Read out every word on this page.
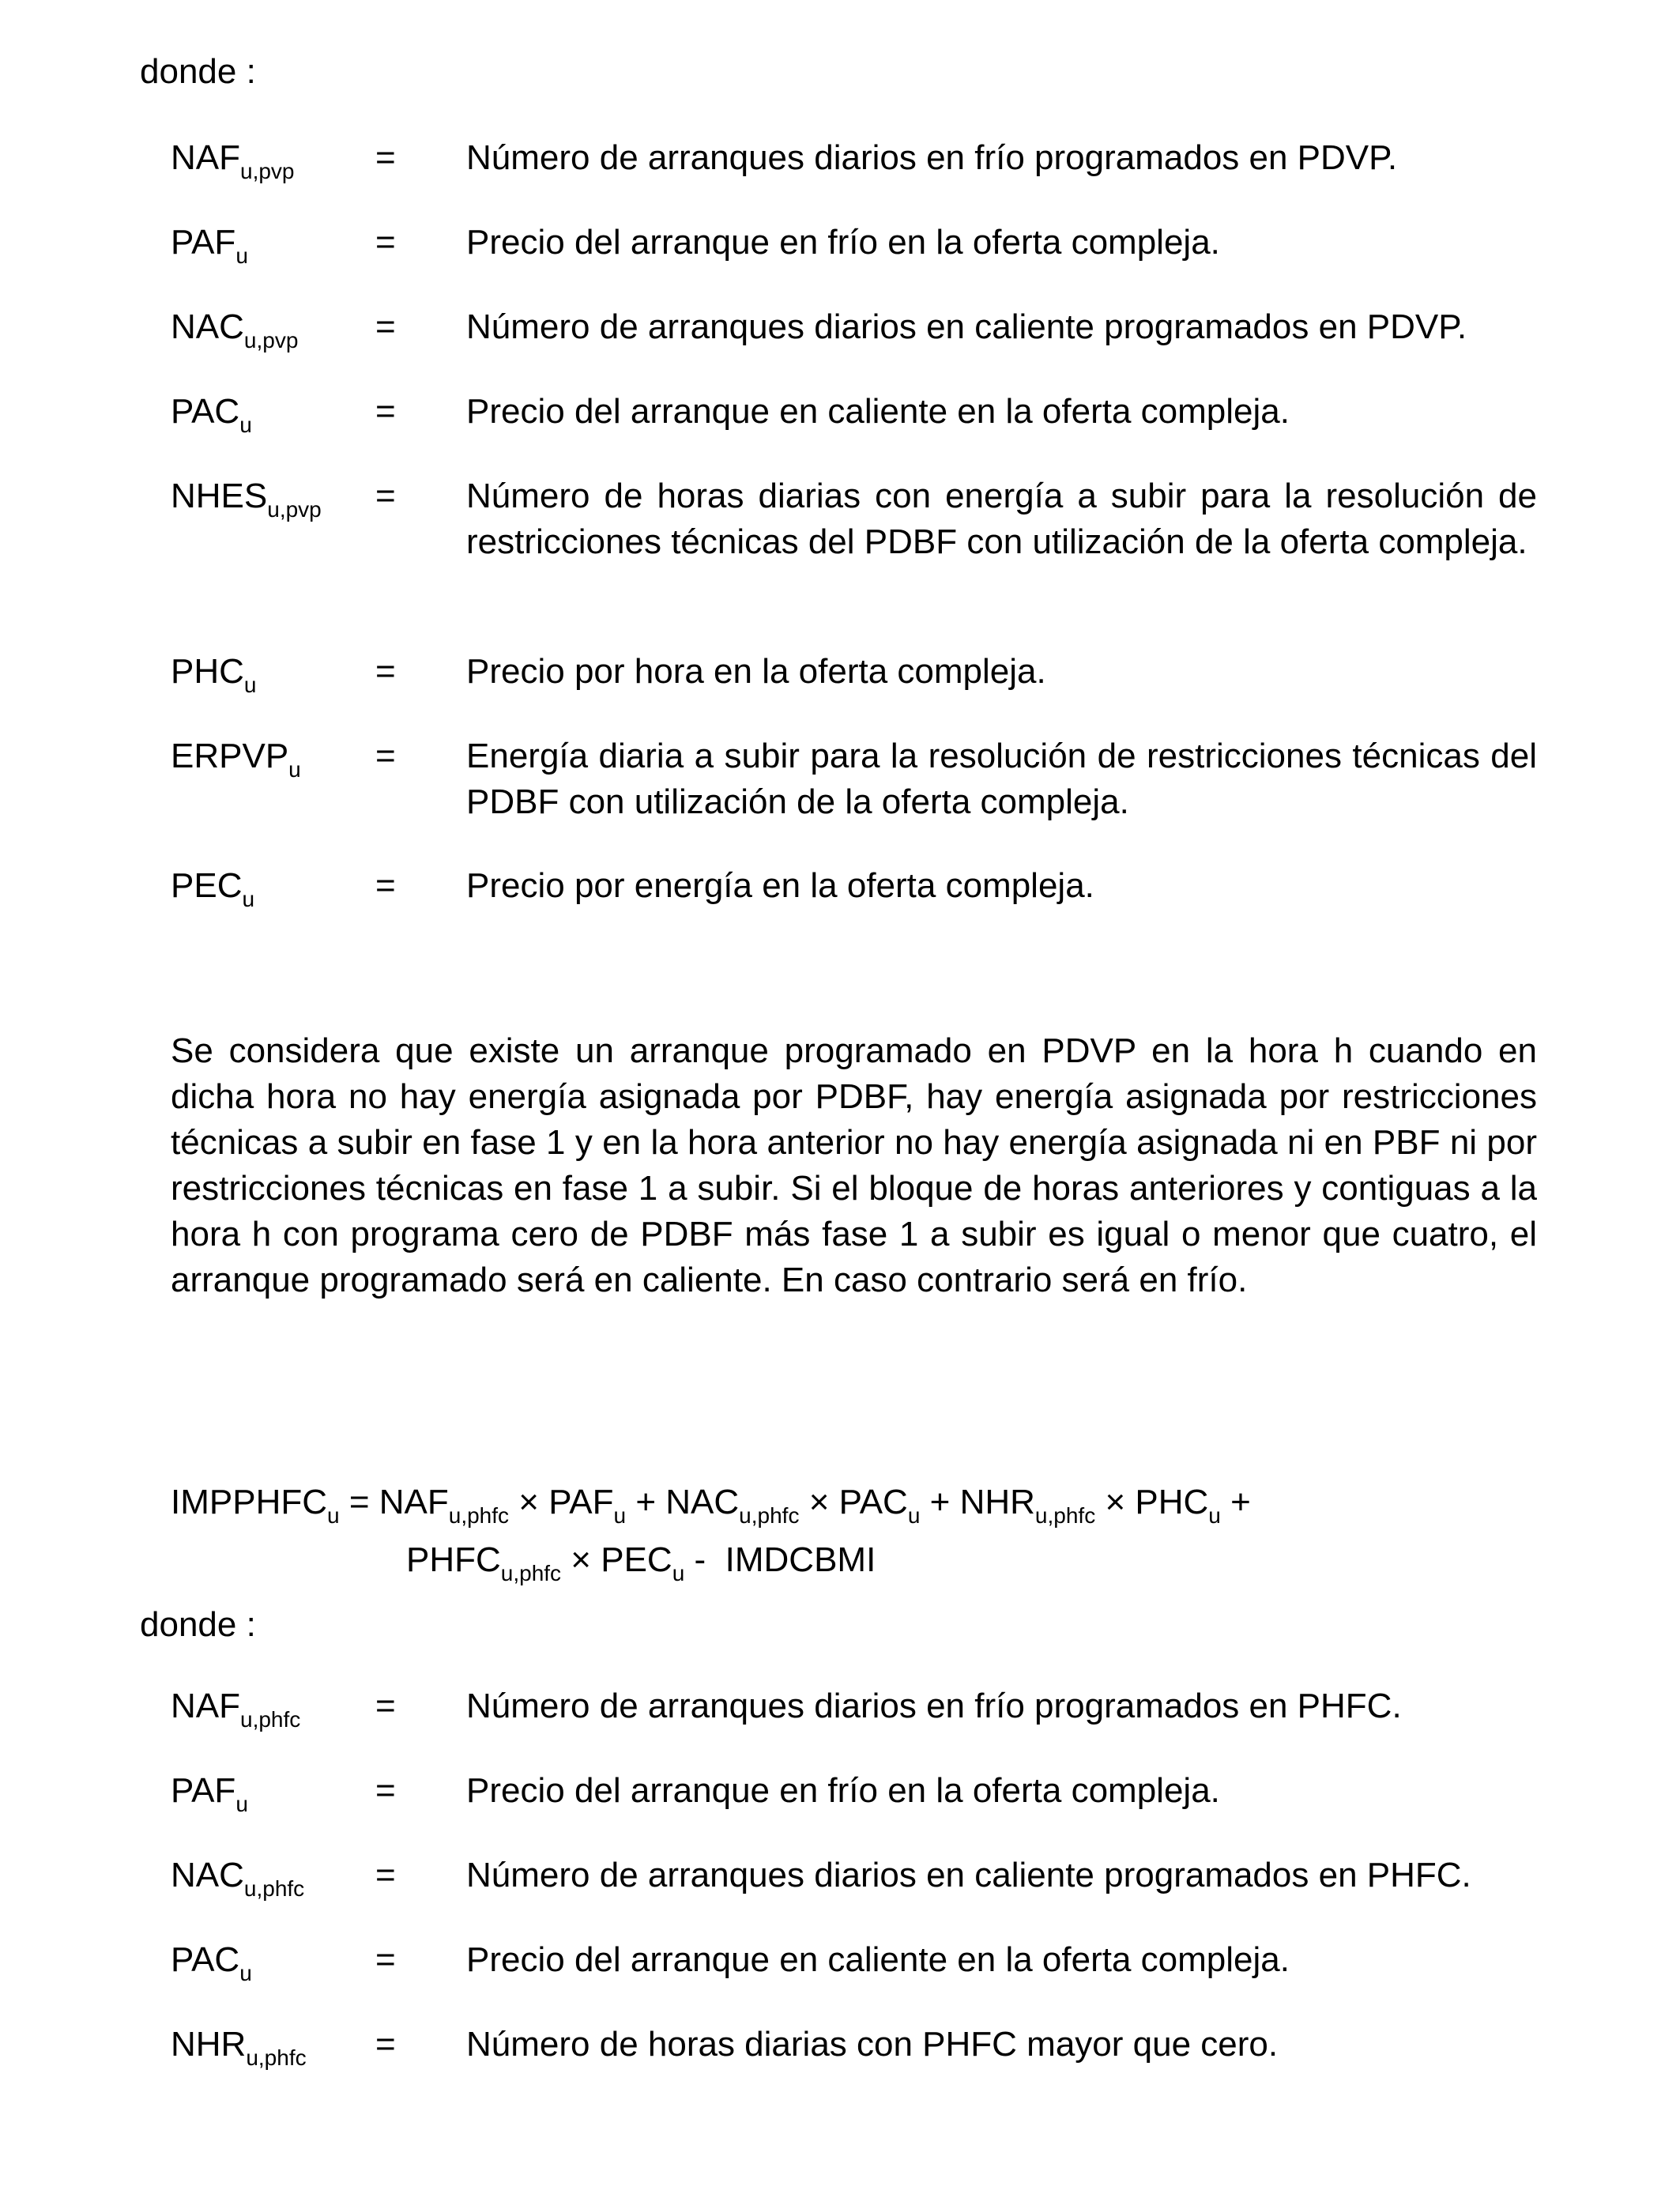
donde :
$NAF_{u,pvp}$ = Número de arranques diarios en frío programados en PDVP.
$PAF_u$	= Precio del arranque en frío en la oferta compleja.
$NAC_{u,pvp}$ = Número de arranques diarios en caliente programados en PDVP.
$PAC_u$	= Precio del arranque en caliente en la oferta compleja.
$NHES_{u,pvp}$ = Número de horas diarias con energía a subir para la resolución de restricciones técnicas del PDBF con utilización de la oferta compleja.
$PHC_u$	= Precio por hora en la oferta compleja.
$ERPVP_u$ = Energía diaria a subir para la resolución de restricciones técnicas del PDBF con utilización de la oferta compleja.
$PEC_u$	= Precio por energía en la oferta compleja.
Se considera que existe un arranque programado en PDVP en la hora h cuando en dicha hora no hay energía asignada por PDBF, hay energía asignada por restricciones técnicas a subir en fase 1 y en la hora anterior no hay energía asignada ni en PBF ni por restricciones técnicas en fase 1 a subir. Si el bloque de horas anteriores y contiguas a la hora h con programa cero de PDBF más fase 1 a subir es igual o menor que cuatro, el arranque programado será en caliente. En caso contrario será en frío.
$IMPPHFC_u = NAF_{u,phfc} \times PAF_u + NAC_{u,phfc} \times PAC_u + NHR_{u,phfc} \times PHC_u$ +
$PHFC_{u,phfc} \times PEC_u$ - IMDCBMI
donde :
$NAF_{u,phfc}$ = Número de arranques diarios en frío programados en PHFC.
$PAF_u$	= Precio del arranque en frío en la oferta compleja.
$NAC_{u,phfc}$ = Número de arranques diarios en caliente programados en PHFC.
$PAC_u$	= Precio del arranque en caliente en la oferta compleja.
$NHR_{u,phfc}$ = Número de horas diarias con PHFC mayor que cero.
